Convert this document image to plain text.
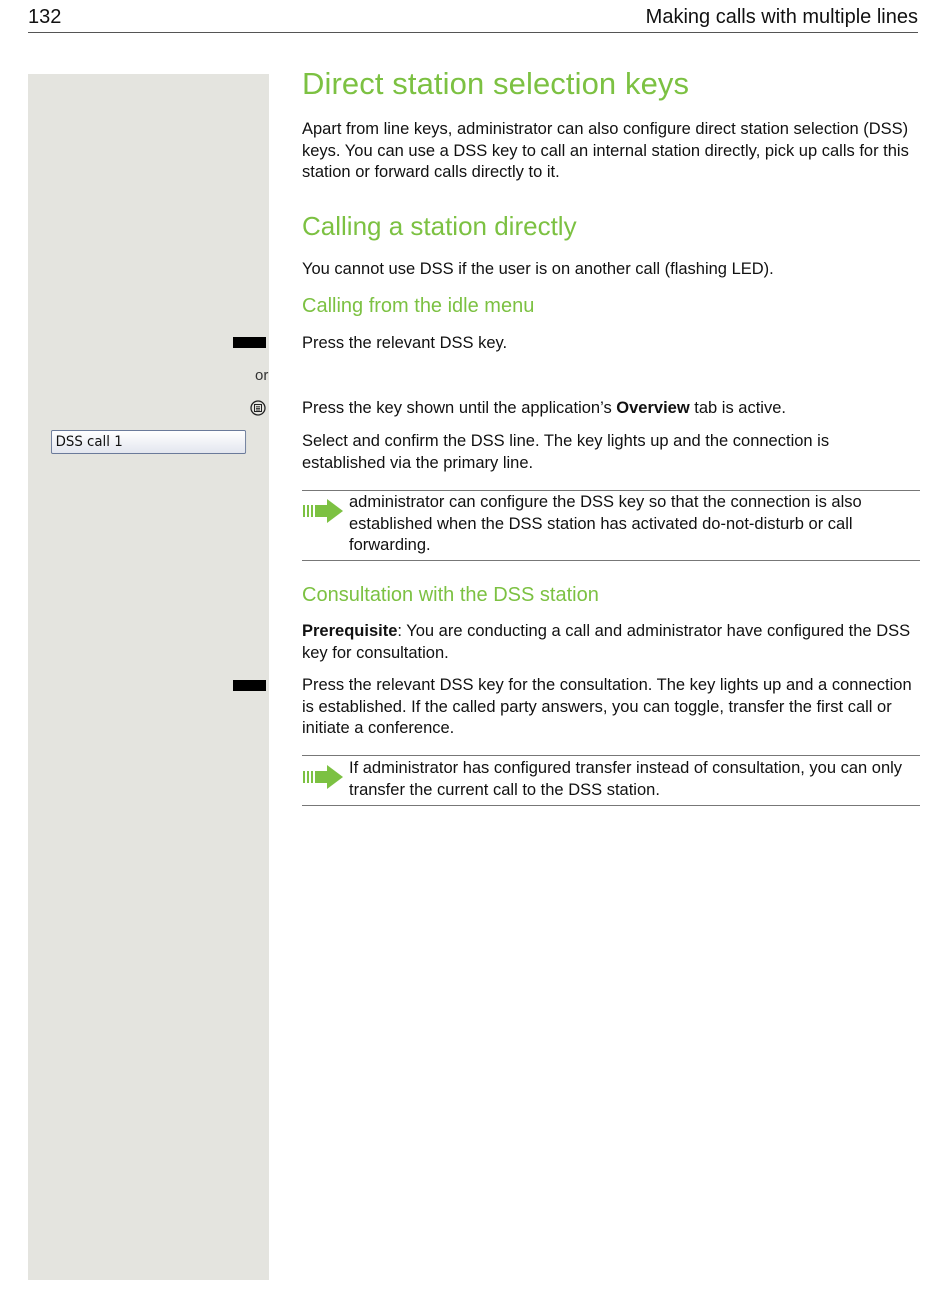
132	Making calls with multiple lines
Direct station selection keys
Apart from line keys, administrator can also configure direct station selection (DSS) keys. You can use a DSS key to call an internal station directly, pick up calls for this station or forward calls directly to it.
Calling a station directly
You cannot use DSS if the user is on another call (flashing LED).
Calling from the idle menu
Press the relevant DSS key.
or
Press the key shown until the application’s Overview tab is active.
DSS call 1	Select and confirm the DSS line. The key lights up and the connection is established via the primary line.
administrator can configure the DSS key so that the connection is also established when the DSS station has activated do-not-disturb or call forwarding.
Consultation with the DSS station
Prerequisite: You are conducting a call and administrator have configured the DSS key for consultation.
Press the relevant DSS key for the consultation. The key lights up and a connection is established. If the called party answers, you can toggle, transfer the first call or initiate a conference.
If administrator has configured transfer instead of consultation, you can only transfer the current call to the DSS station.
